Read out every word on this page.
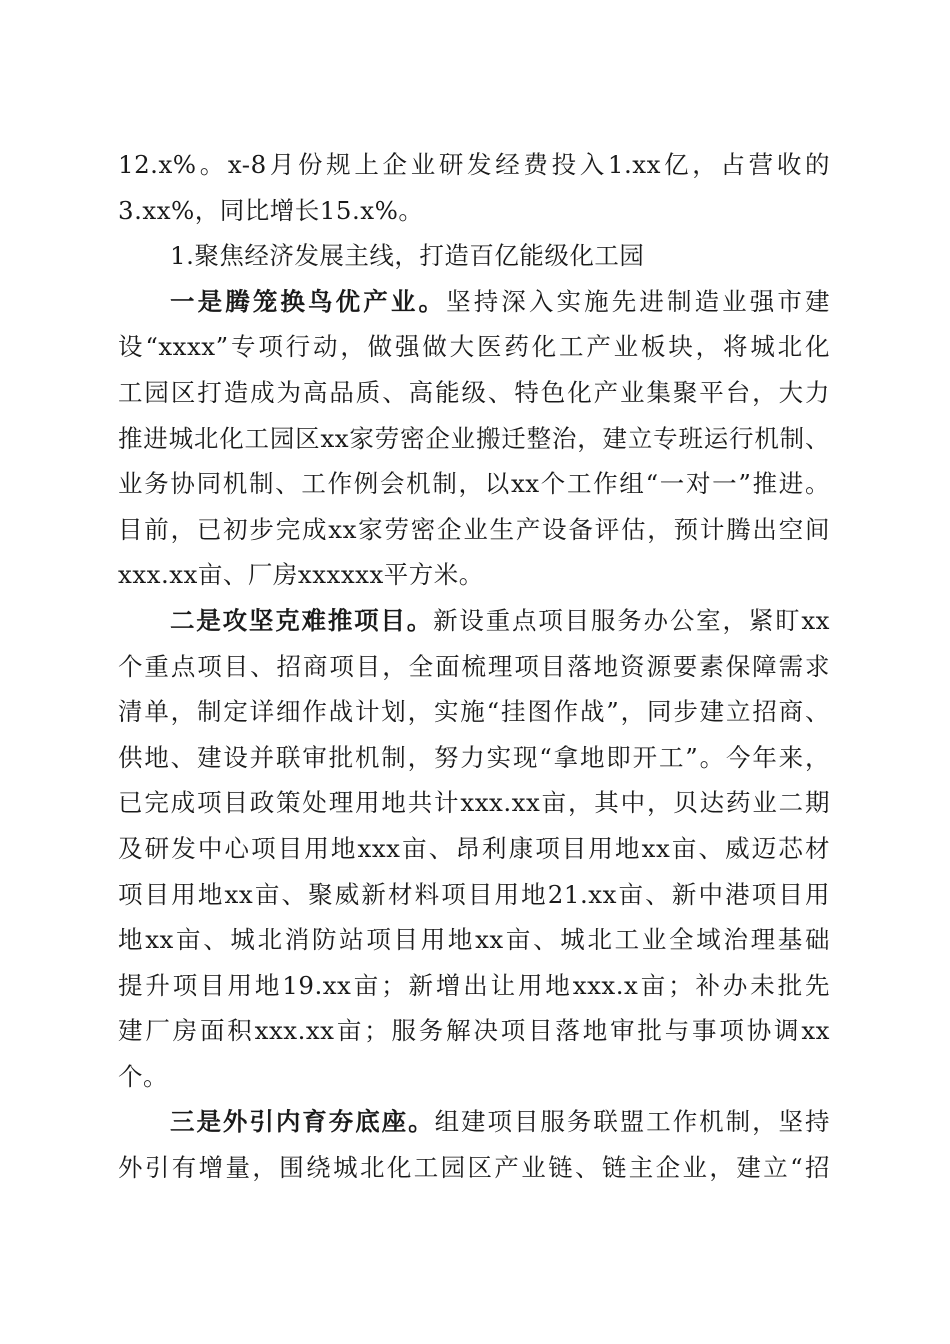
12.x%。x-8月份规上企业研发经费投入1.xx亿，占营收的
3.xx%，同比增长15.x%。
1.聚焦经济发展主线，打造百亿能级化工园
一是腾笼换鸟优产业。坚持深入实施先进制造业强市建
设“xxxx”专项行动，做强做大医药化工产业板块，将城北化
工园区打造成为高品质、高能级、特色化产业集聚平台，大力
推进城北化工园区xx家劳密企业搬迁整治，建立专班运行机制、
业务协同机制、工作例会机制，以xx个工作组“一对一”推进。
目前，已初步完成xx家劳密企业生产设备评估，预计腾出空间
xxx.xx亩、厂房xxxxxx平方米。
二是攻坚克难推项目。新设重点项目服务办公室，紧盯xx
个重点项目、招商项目，全面梳理项目落地资源要素保障需求
清单，制定详细作战计划，实施“挂图作战”，同步建立招商、
供地、建设并联审批机制，努力实现“拿地即开工”。今年来，
已完成项目政策处理用地共计xxx.xx亩，其中，贝达药业二期
及研发中心项目用地xxx亩、昂利康项目用地xx亩、威迈芯材
项目用地xx亩、聚威新材料项目用地21.xx亩、新中港项目用
地xx亩、城北消防站项目用地xx亩、城北工业全域治理基础
提升项目用地19.xx亩；新增出让用地xxx.x亩；补办未批先
建厂房面积xxx.xx亩；服务解决项目落地审批与事项协调xx
个。
三是外引内育夯底座。组建项目服务联盟工作机制，坚持
外引有增量，围绕城北化工园区产业链、链主企业，建立“招
